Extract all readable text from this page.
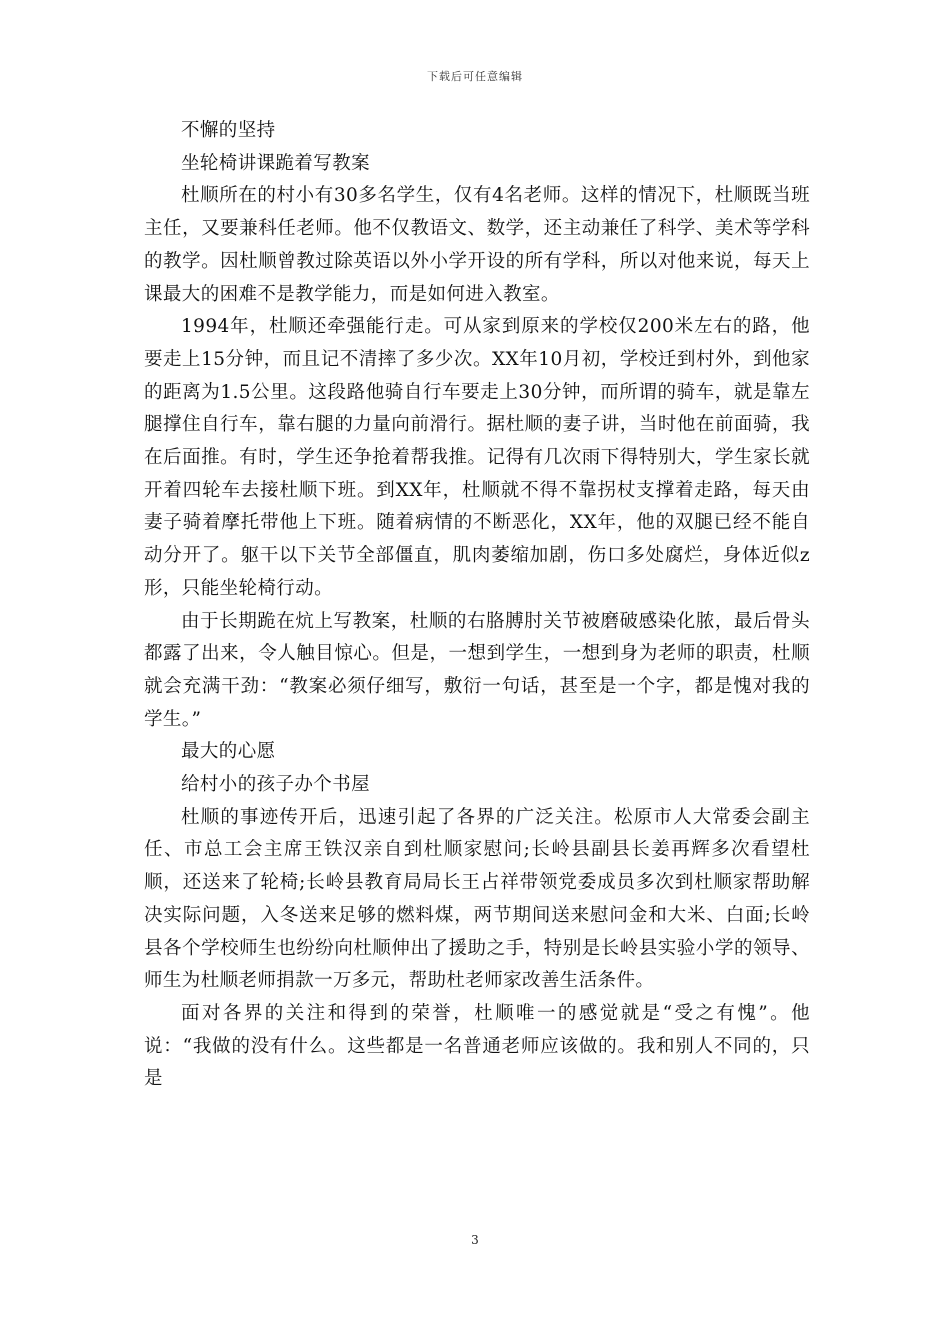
下载后可任意编辑

不懈的坚持

坐轮椅讲课跪着写教案

杜顺所在的村小有30多名学生，仅有4名老师。这样的情况下，杜顺既当班主任，又要兼科任老师。他不仅教语文、数学，还主动兼任了科学、美术等学科的教学。因杜顺曾教过除英语以外小学开设的所有学科，所以对他来说，每天上课最大的困难不是教学能力，而是如何进入教室。

1994年，杜顺还牵强能行走。可从家到原来的学校仅200米左右的路，他要走上15分钟，而且记不清摔了多少次。XX年10月初，学校迁到村外，到他家的距离为1.5公里。这段路他骑自行车要走上30分钟，而所谓的骑车，就是靠左腿撑住自行车，靠右腿的力量向前滑行。据杜顺的妻子讲，当时他在前面骑，我在后面推。有时，学生还争抢着帮我推。记得有几次雨下得特别大，学生家长就开着四轮车去接杜顺下班。到XX年，杜顺就不得不靠拐杖支撑着走路，每天由妻子骑着摩托带他上下班。随着病情的不断恶化，XX年，他的双腿已经不能自动分开了。躯干以下关节全部僵直，肌肉萎缩加剧，伤口多处腐烂，身体近似z形，只能坐轮椅行动。

由于长期跪在炕上写教案，杜顺的右胳膊肘关节被磨破感染化脓，最后骨头都露了出来，令人触目惊心。但是，一想到学生，一想到身为老师的职责，杜顺就会充满干劲：“教案必须仔细写，敷衍一句话，甚至是一个字，都是愧对我的学生。”

最大的心愿

给村小的孩子办个书屋

杜顺的事迹传开后，迅速引起了各界的广泛关注。松原市人大常委会副主任、市总工会主席王铁汉亲自到杜顺家慰问;长岭县副县长姜再辉多次看望杜顺，还送来了轮椅;长岭县教育局局长王占祥带领党委成员多次到杜顺家帮助解决实际问题，入冬送来足够的燃料煤，两节期间送来慰问金和大米、白面;长岭县各个学校师生也纷纷向杜顺伸出了援助之手，特别是长岭县实验小学的领导、师生为杜顺老师捐款一万多元，帮助杜老师家改善生活条件。

面对各界的关注和得到的荣誉，杜顺唯一的感觉就是“受之有愧”。他说：“我做的没有什么。这些都是一名普通老师应该做的。我和别人不同的，只是

3
